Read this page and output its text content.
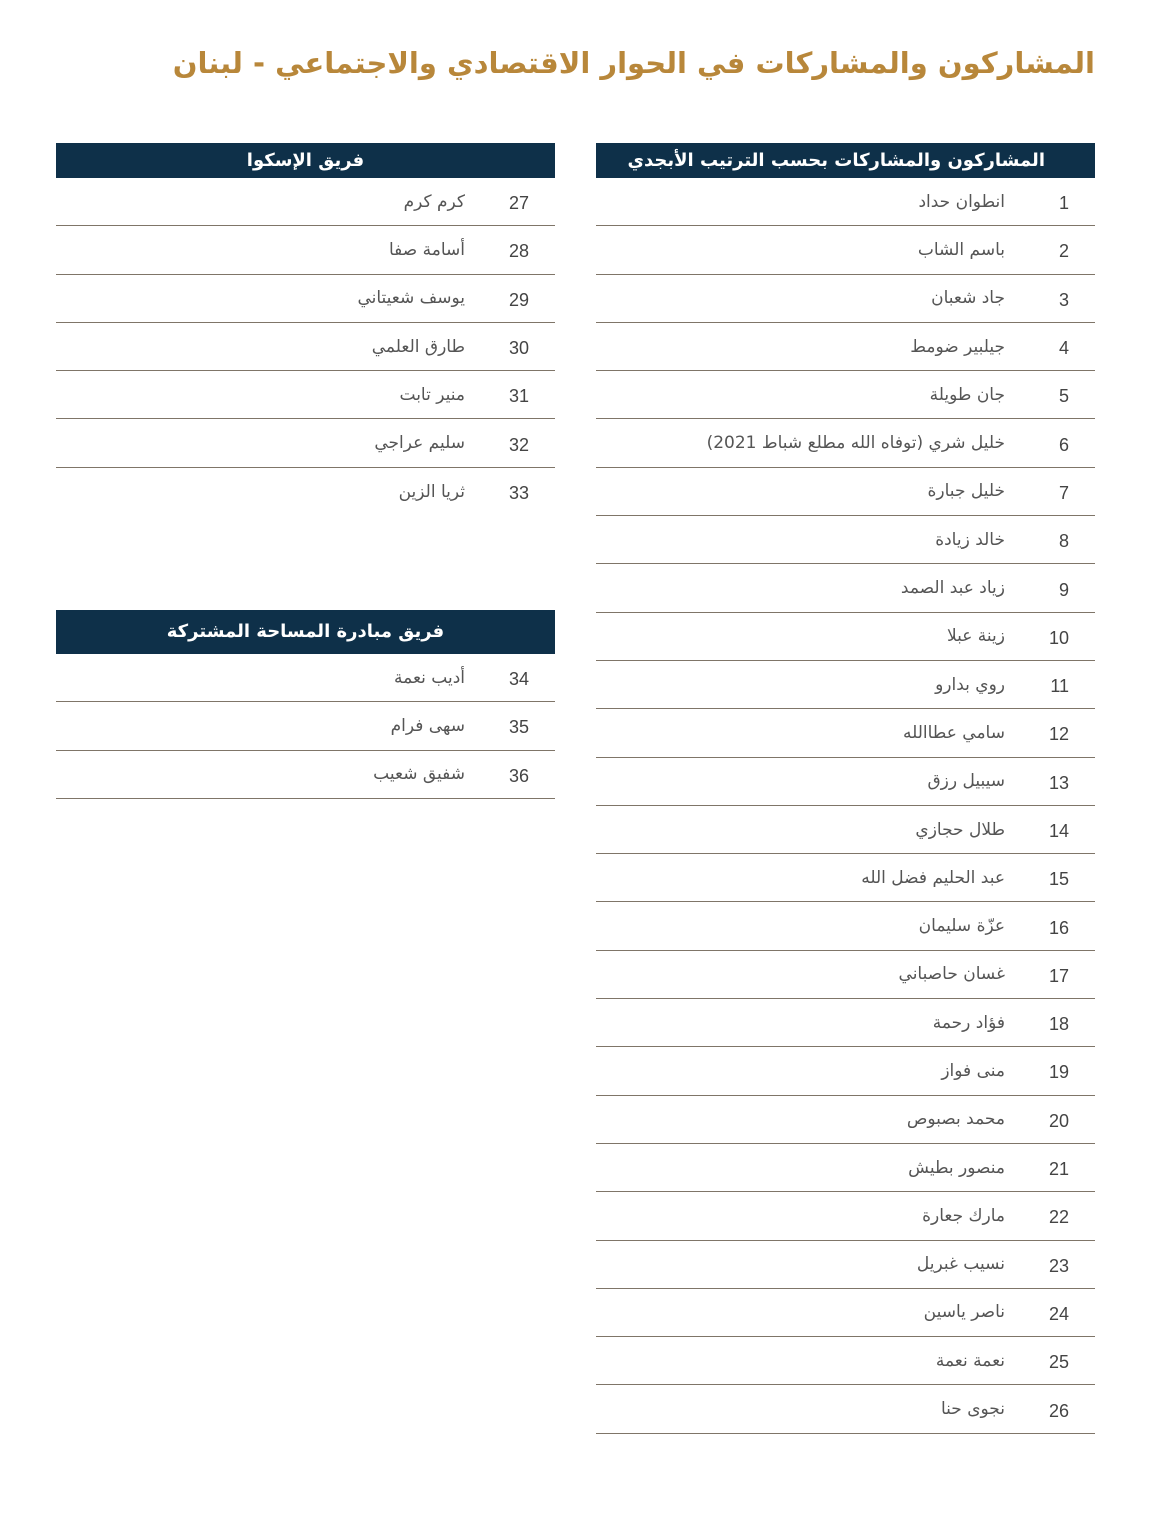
المشاركون والمشاركات في الحوار الاقتصادي والاجتماعي - لبنان
المشاركون والمشاركات بحسب الترتيب الأبجدي
1
انطوان حداد
2
باسم الشاب
3
جاد شعبان
4
جيلبير ضومط
5
جان طويلة
6
خليل شري (توفاه الله مطلع شباط 2021)
7
خليل جبارة
8
خالد زيادة
9
زياد عبد الصمد
10
زينة عبلا
11
روي بدارو
12
سامي عطاالله
13
سيبيل رزق
14
طلال حجازي
15
عبد الحليم فضل الله
16
عزّة سليمان
17
غسان حاصباني
18
فؤاد رحمة
19
منى فواز
20
محمد بصبوص
21
منصور بطيش
22
مارك جعارة
23
نسيب غبريل
24
ناصر ياسين
25
نعمة نعمة
26
نجوى حنا
فريق الإسكوا
27
كرم كرم
28
أسامة صفا
29
يوسف شعيتاني
30
طارق العلمي
31
منير تابت
32
سليم عراجي
33
ثريا الزين
فريق مبادرة المساحة المشتركة
34
أديب نعمة
35
سهى فرام
36
شفيق شعيب
